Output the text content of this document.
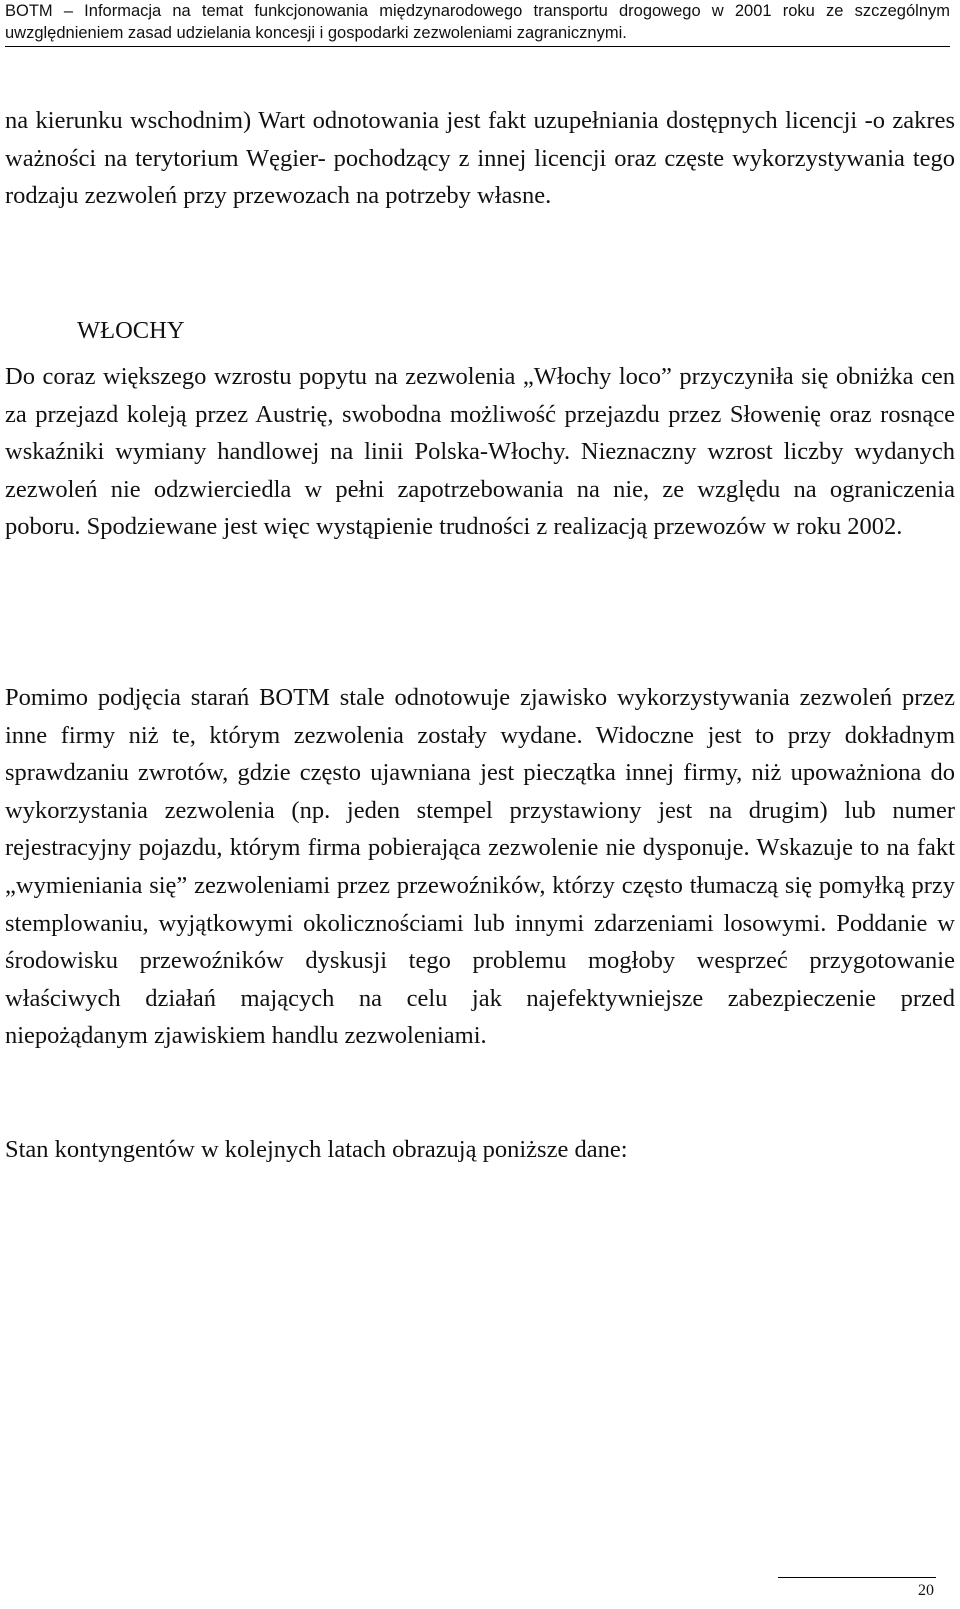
BOTM – Informacja na temat funkcjonowania międzynarodowego transportu drogowego w 2001 roku ze szczególnym uwzględnieniem zasad udzielania koncesji i gospodarki zezwoleniami zagranicznymi.
na kierunku wschodnim) Wart odnotowania jest fakt uzupełniania dostępnych licencji -o zakres ważności na terytorium Węgier- pochodzący z innej licencji oraz częste wykorzystywania tego rodzaju zezwoleń przy przewozach na potrzeby własne.
WŁOCHY
Do coraz większego wzrostu popytu na zezwolenia „Włochy loco” przyczyniła się obniżka cen za przejazd koleją przez Austrię, swobodna możliwość przejazdu przez Słowenię oraz rosnące wskaźniki wymiany handlowej na linii Polska-Włochy. Nieznaczny wzrost liczby wydanych zezwoleń nie odzwierciedla w pełni zapotrzebowania na nie, ze względu na ograniczenia poboru. Spodziewane jest więc wystąpienie trudności z realizacją przewozów w roku 2002.
Pomimo podjęcia starań BOTM stale odnotowuje zjawisko wykorzystywania zezwoleń przez inne firmy niż te, którym zezwolenia zostały wydane. Widoczne jest to przy dokładnym sprawdzaniu zwrotów, gdzie często ujawniana jest pieczątka innej firmy, niż upoważniona do wykorzystania zezwolenia (np. jeden stempel przystawiony jest na drugim) lub numer rejestracyjny pojazdu, którym firma pobierająca zezwolenie nie dysponuje. Wskazuje to na fakt „wymieniania się” zezwoleniami przez przewoźników, którzy często tłumaczą się pomyłką przy stemplowaniu, wyjątkowymi okolicznościami lub innymi zdarzeniami losowymi. Poddanie w środowisku przewoźników dyskusji tego problemu mogłoby wesprzeć przygotowanie właściwych działań mających na celu jak najefektywniejsze zabezpieczenie przed niepożądanym zjawiskiem handlu zezwoleniami.
Stan kontyngentów w kolejnych latach obrazują poniższe dane:
20
